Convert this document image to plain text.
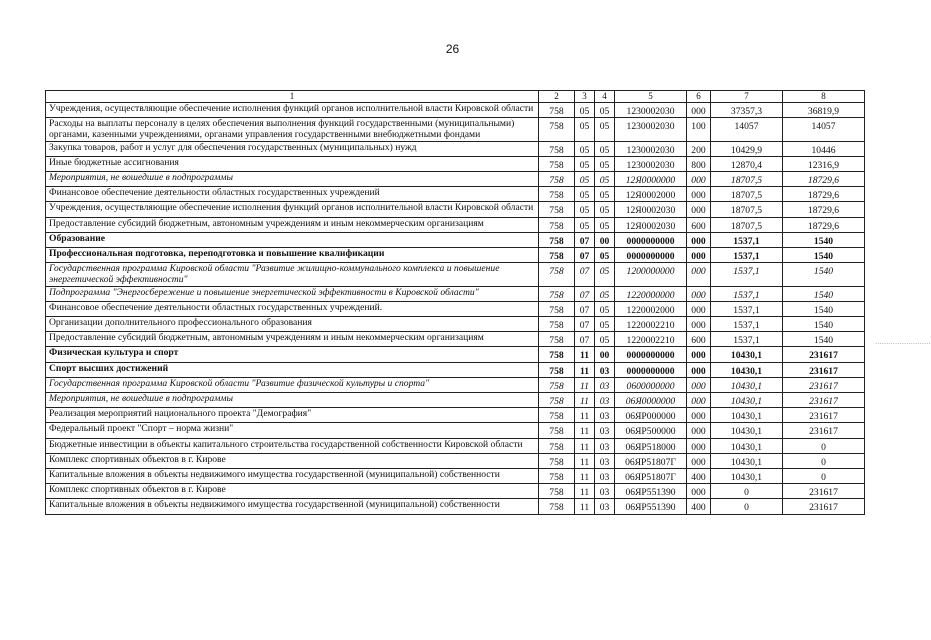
26
1	2	3	4	5	6	7	8
Учреждения, осуществляющие обеспечение исполнения функций органов исполнительной власти Кировской области	758	05	05	1230002030	000	37357,3	36819,9
Расходы на выплаты персоналу в целях обеспечения выполнения функций государственными (муниципальными) органами, казенными учреждениями, органами управления государственными внебюджетными фондами	758	05	05	1230002030	100	14057	14057
Закупка товаров, работ и услуг для обеспечения государственных (муниципальных) нужд	758	05	05	1230002030	200	10429,9	10446
Иные бюджетные ассигнования	758	05	05	1230002030	800	12870,4	12316,9
Мероприятия, не вошедшие в подпрограммы	758	05	05	12Я0000000	000	18707,5	18729,6
Финансовое обеспечение деятельности областных государственных учреждений	758	05	05	12Я0002000	000	18707,5	18729,6
Учреждения, осуществляющие обеспечение исполнения функций органов исполнительной власти Кировской области	758	05	05	12Я0002030	000	18707,5	18729,6
Предоставление субсидий бюджетным, автономным учреждениям и иным некоммерческим организациям	758	05	05	12Я0002030	600	18707,5	18729,6
Образование	758	07	00	0000000000	000	1537,1	1540
Профессиональная подготовка, переподготовка и повышение квалификации	758	07	05	0000000000	000	1537,1	1540
Государственная программа Кировской области "Развитие жилищно-коммунального комплекса и повышение энергетической эффективности"	758	07	05	1200000000	000	1537,1	1540
Подпрограмма "Энергосбережение и повышение энергетической эффективности в Кировской области"	758	07	05	1220000000	000	1537,1	1540
Финансовое обеспечение деятельности областных государственных учреждений.	758	07	05	1220002000	000	1537,1	1540
Организации дополнительного профессионального образования	758	07	05	1220002210	000	1537,1	1540
Предоставление субсидий бюджетным, автономным учреждениям и иным некоммерческим организациям	758	07	05	1220002210	600	1537,1	1540
Физическая культура и спорт	758	11	00	0000000000	000	10430,1	231617
Спорт высших достижений	758	11	03	0000000000	000	10430,1	231617
Государственная программа Кировской области "Развитие физической культуры и спорта"	758	11	03	0600000000	000	10430,1	231617
Мероприятия, не вошедшие в подпрограммы	758	11	03	06Я0000000	000	10430,1	231617
Реализация мероприятий национального проекта "Демография"	758	11	03	06ЯР000000	000	10430,1	231617
Федеральный проект "Спорт – норма жизни"	758	11	03	06ЯР500000	000	10430,1	231617
Бюджетные инвестиции в объекты капитального строительства государственной собственности Кировской области	758	11	03	06ЯР518000	000	10430,1	0
Комплекс спортивных объектов в г. Кирове	758	11	03	06ЯР51807Г	000	10430,1	0
Капитальные вложения в объекты недвижимого имущества государственной (муниципальной) собственности	758	11	03	06ЯР51807Г	400	10430,1	0
Комплекс спортивных объектов в г. Кирове	758	11	03	06ЯР551390	000	0	231617
Капитальные вложения в объекты недвижимого имущества государственной (муниципальной) собственности	758	11	03	06ЯР551390	400	0	231617
·························
